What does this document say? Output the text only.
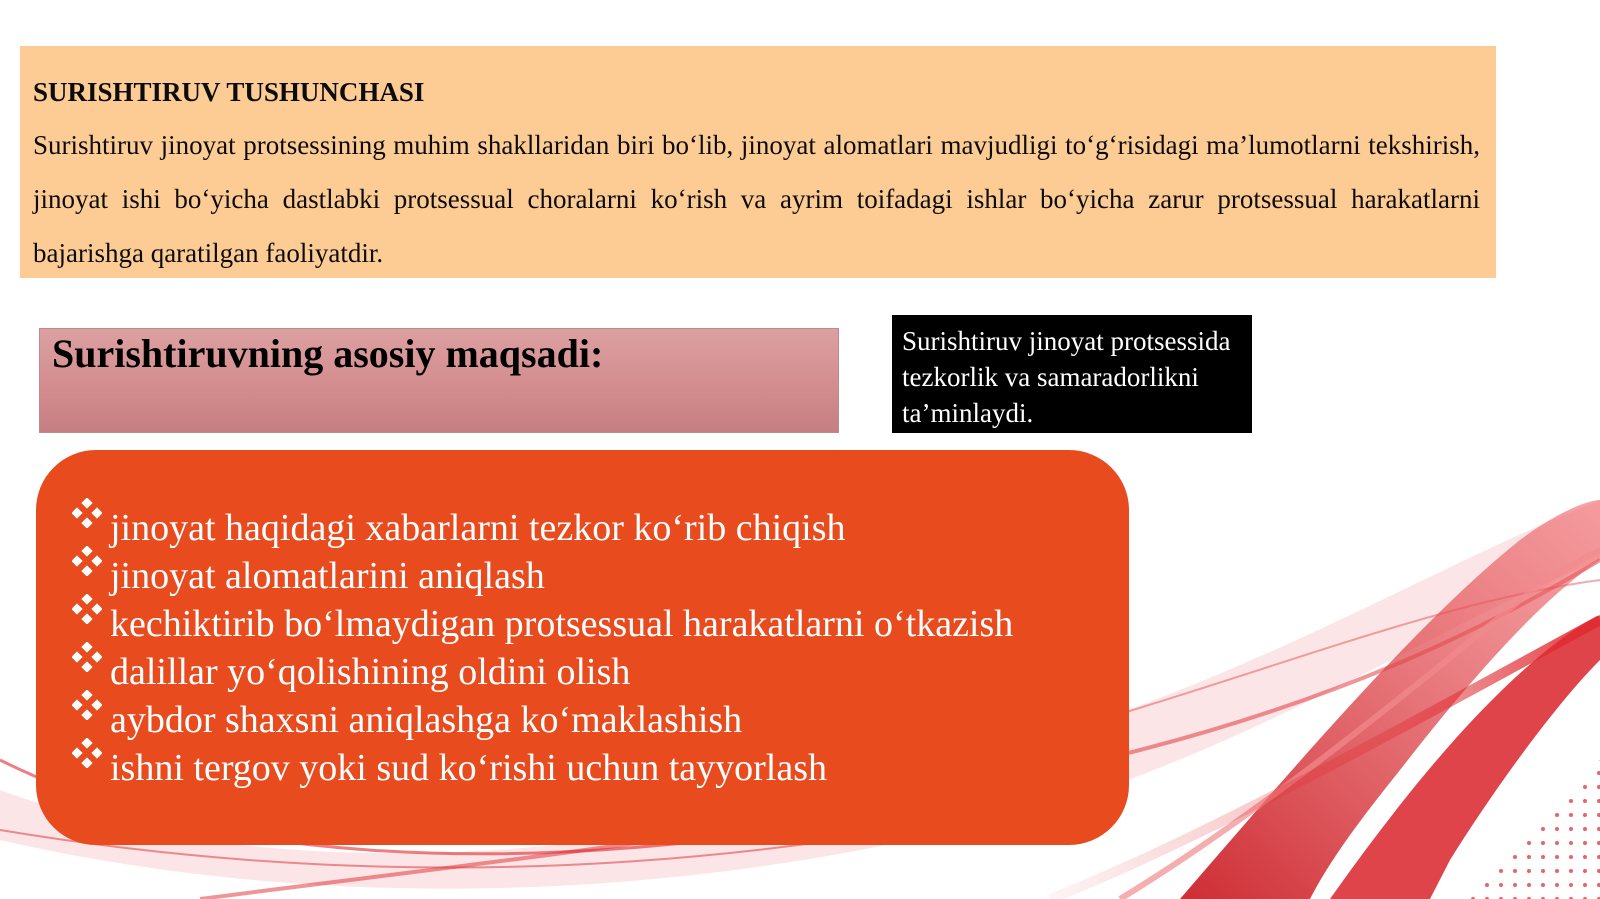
SURISHTIRUV TUSHUNCHASI

Surishtiruv jinoyat protsessining muhim shakllaridan biri bo‘lib, jinoyat alomatlari mavjudligi to‘g‘risidagi ma’lumotlarni tekshirish, jinoyat ishi bo‘yicha dastlabki protsessual choralarni ko‘rish va ayrim toifadagi ishlar bo‘yicha zarur protsessual harakatlarni bajarishga qaratilgan faoliyatdir.

Surishtiruvning asosiy maqsadi:	Surishtiruv jinoyat protsessida tezkorlik va samaradorlikni ta’minlaydi.
jinoyat haqidagi xabarlarni tezkor ko‘rib chiqish
jinoyat alomatlarini aniqlash
kechiktirib bo‘lmaydigan protsessual harakatlarni o‘tkazish
dalillar yo‘qolishining oldini olish
aybdor shaxsni aniqlashga ko‘maklashish
ishni tergov yoki sud ko‘rishi uchun tayyorlash
